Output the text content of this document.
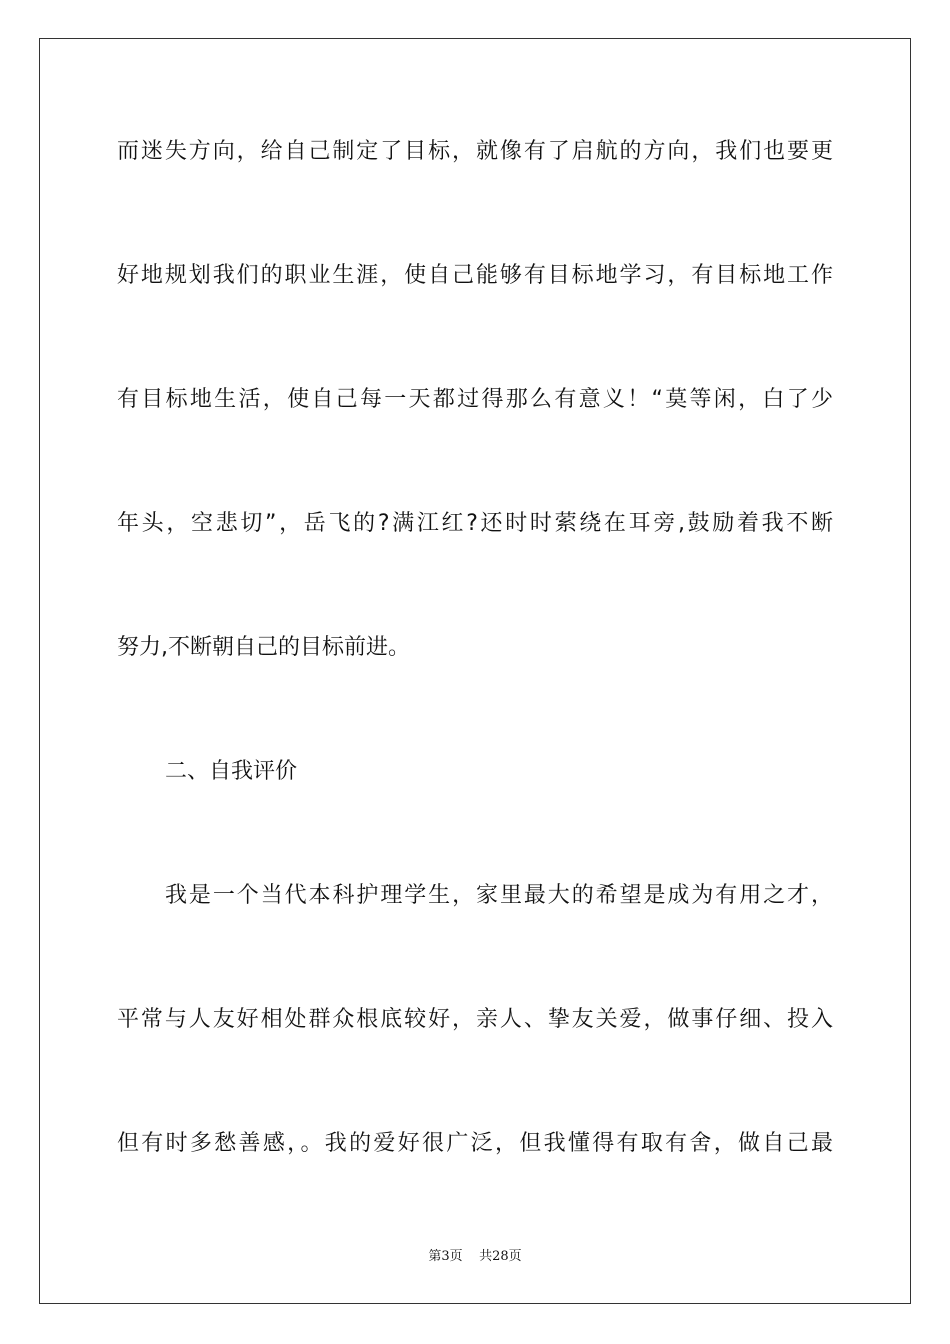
而迷失方向，给自己制定了目标，就像有了启航的方向，我们也要更
好地规划我们的职业生涯，使自己能够有目标地学习，有目标地工作
有目标地生活，使自己每一天都过得那么有意义！“莫等闲，白了少
年头，空悲切”，岳飞的?满江红?还时时萦绕在耳旁,鼓励着我不断
努力,不断朝自己的目标前进。
二、自我评价
我是一个当代本科护理学生，家里最大的希望是成为有用之才，
平常与人友好相处群众根底较好，亲人、挚友关爱，做事仔细、投入
但有时多愁善感，。我的爱好很广泛，但我懂得有取有舍，做自己最
第3页 共28页
